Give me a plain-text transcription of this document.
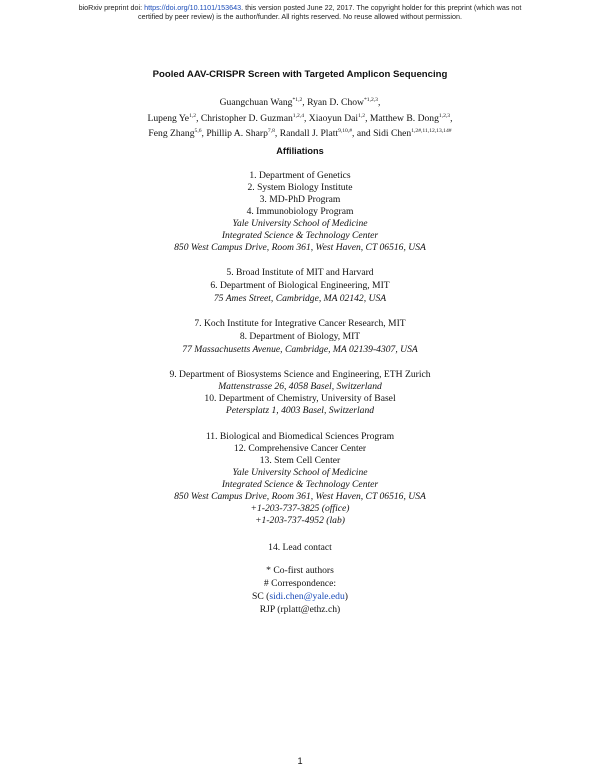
bioRxiv preprint doi: https://doi.org/10.1101/153643. this version posted June 22, 2017. The copyright holder for this preprint (which was not
certified by peer review) is the author/funder. All rights reserved. No reuse allowed without permission.
Pooled AAV-CRISPR Screen with Targeted Amplicon Sequencing
Guangchuan Wang$^{*1,2}$, Ryan D. Chow$^{*1,2,3}$,
Lupeng Ye$^{1,2}$, Christopher D. Guzman$^{1,2,4}$, Xiaoyun Dai$^{1,2}$, Matthew B. Dong$^{1,2,3}$,
Feng Zhang$^{5,6}$, Phillip A. Sharp$^{7,8}$, Randall J. Platt$^{9,10,\#}$, and Sidi Chen$^{1,2\#,11,12,13,14\#}$
Affiliations
1. Department of Genetics
2. System Biology Institute
3. MD-PhD Program
4. Immunobiology Program
Yale University School of Medicine
Integrated Science & Technology Center
850 West Campus Drive, Room 361, West Haven, CT 06516, USA
5. Broad Institute of MIT and Harvard
6. Department of Biological Engineering, MIT
75 Ames Street, Cambridge, MA 02142, USA
7. Koch Institute for Integrative Cancer Research, MIT
8. Department of Biology, MIT
77 Massachusetts Avenue, Cambridge, MA 02139-4307, USA
9. Department of Biosystems Science and Engineering, ETH Zurich
Mattenstrasse 26, 4058 Basel, Switzerland
10. Department of Chemistry, University of Basel
Petersplatz 1, 4003 Basel, Switzerland
11. Biological and Biomedical Sciences Program
12. Comprehensive Cancer Center
13. Stem Cell Center
Yale University School of Medicine
Integrated Science & Technology Center
850 West Campus Drive, Room 361, West Haven, CT 06516, USA
+1-203-737-3825 (office)
+1-203-737-4952 (lab)
14. Lead contact
* Co-first authors
# Correspondence:
SC (sidi.chen@yale.edu)
RJP (rplatt@ethz.ch)
1
